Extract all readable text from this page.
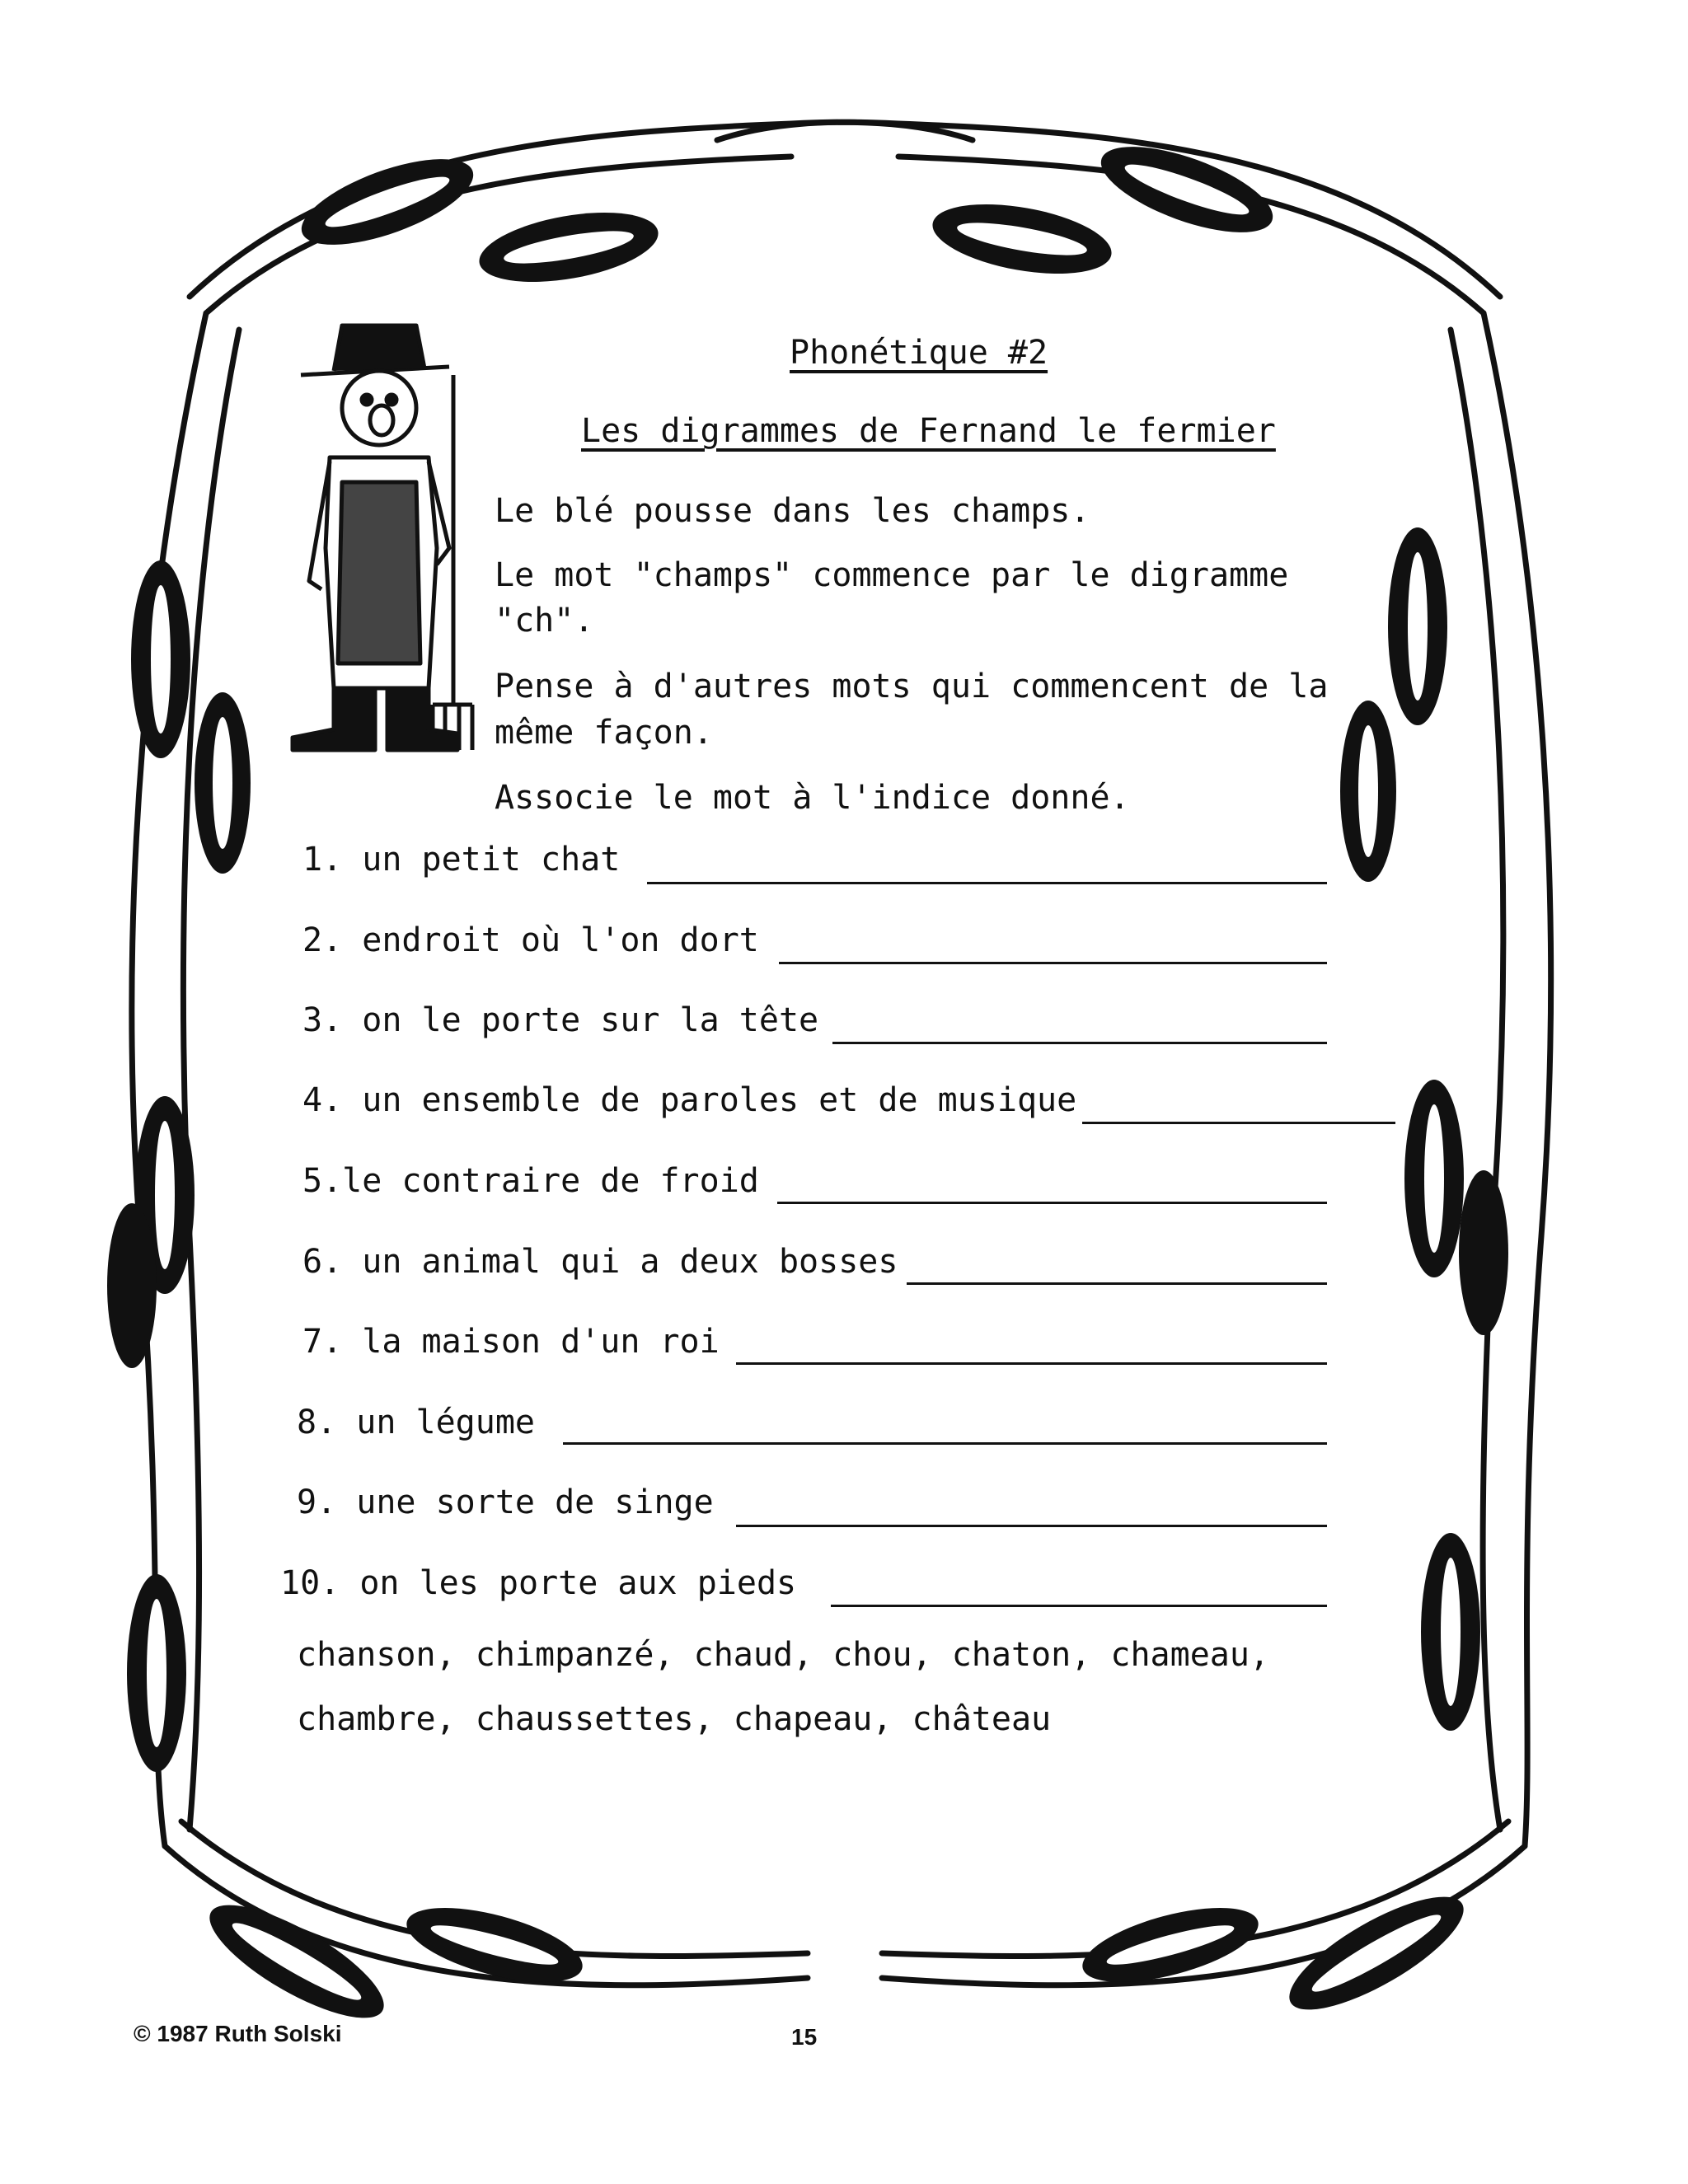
Phonétique #2
Les digrammes de Fernand le fermier
Le blé pousse dans les champs.
Le mot "champs" commence par le digramme
"ch".
Pense à d'autres mots qui commencent de la
même façon.
Associe le mot à l'indice donné.
1. un petit chat
2. endroit où l'on dort
3. on le porte sur la tête
4. un ensemble de paroles et de musique
5.le contraire de froid
6. un animal qui a deux bosses
7. la maison d'un roi
8. un légume
9. une sorte de singe
10. on les porte aux pieds
chanson, chimpanzé, chaud, chou, chaton, chameau,
chambre, chaussettes, chapeau, château
© 1987 Ruth Solski	15
